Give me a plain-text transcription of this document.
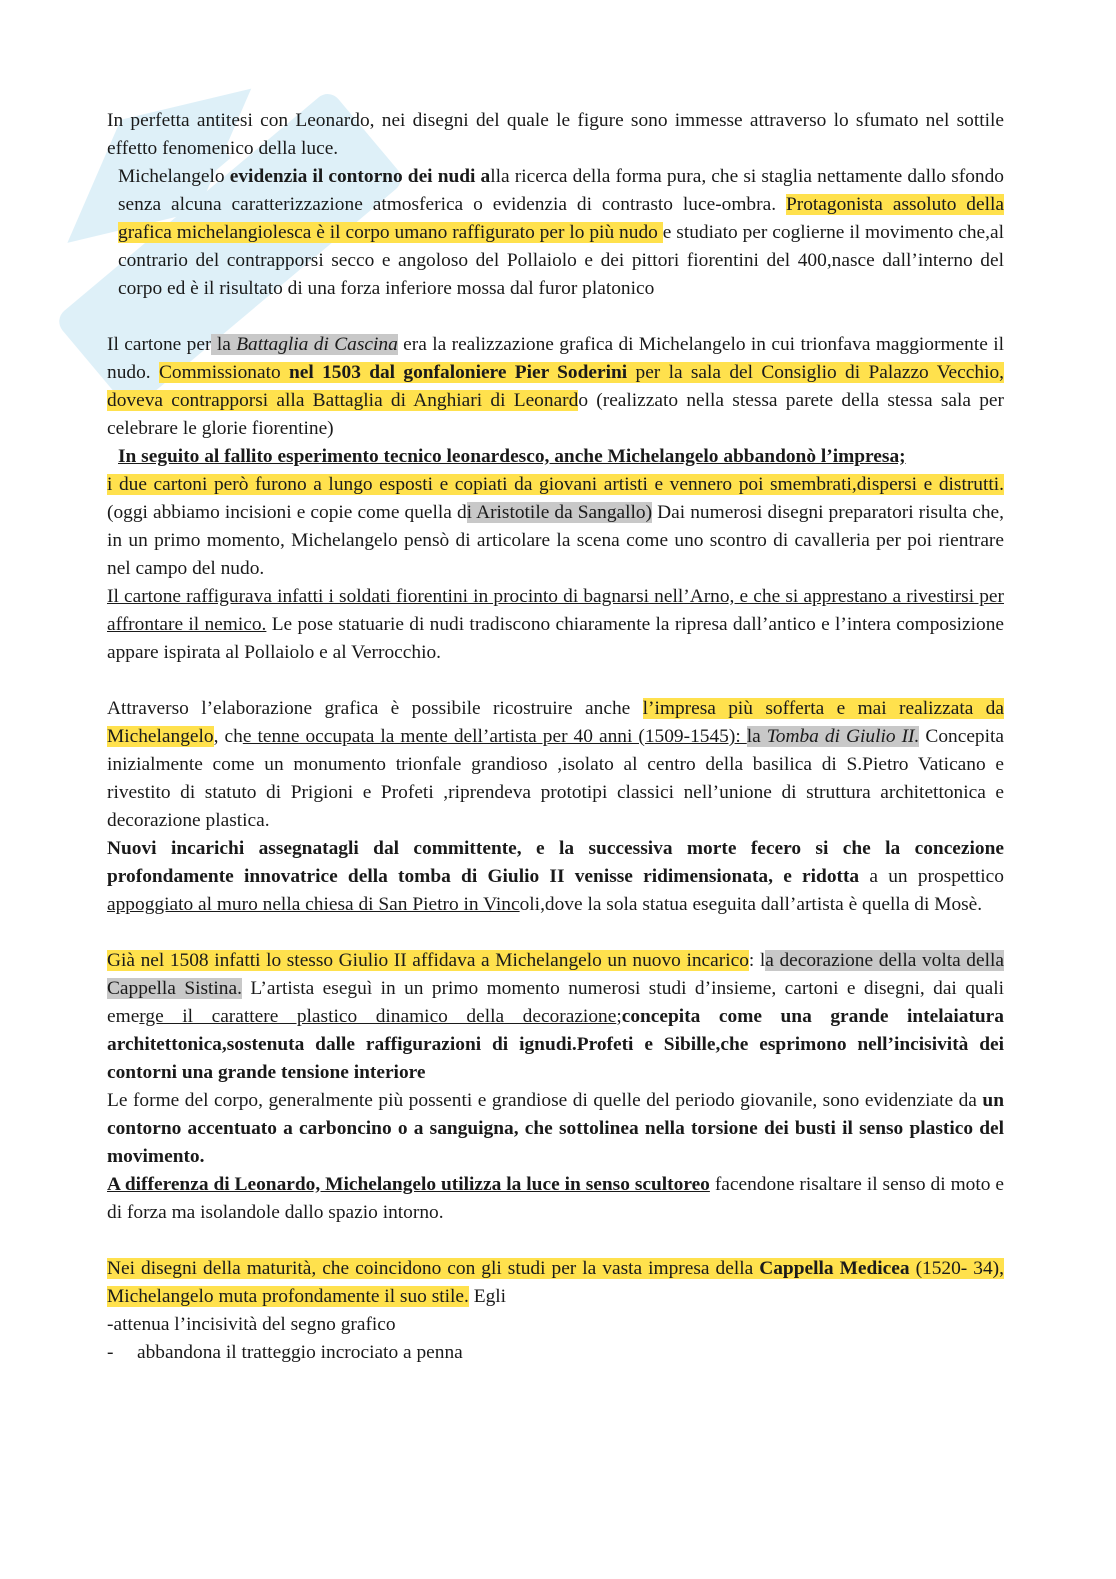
In perfetta antitesi con Leonardo, nei disegni del quale le figure sono immesse attraverso lo sfumato nel sottile effetto fenomenico della luce.

Michelangelo evidenzia il contorno dei nudi alla ricerca della forma pura, che si staglia nettamente dallo sfondo senza alcuna caratterizzazione atmosferica o evidenzia di contrasto luce-ombra. Protagonista assoluto della grafica michelangiolesca è il corpo umano raffigurato per lo più nudo e studiato per coglierne il movimento che,al contrario del contrapporsi secco e angoloso del Pollaiolo e dei pittori fiorentini del 400,nasce dall’interno del corpo ed è il risultato di una forza inferiore mossa dal furor platonico

Il cartone per la Battaglia di Cascina era la realizzazione grafica di Michelangelo in cui trionfava maggiormente il nudo. Commissionato nel 1503 dal gonfaloniere Pier Soderini per la sala del Consiglio di Palazzo Vecchio, doveva contrapporsi alla Battaglia di Anghiari di Leonardo (realizzato nella stessa parete della stessa sala per celebrare le glorie fiorentine)

In seguito al fallito esperimento tecnico leonardesco, anche Michelangelo abbandonò l’impresa;

i due cartoni però furono a lungo esposti e copiati da giovani artisti e vennero poi smembrati,dispersi e distrutti. (oggi abbiamo incisioni e copie come quella di Aristotile da Sangallo) Dai numerosi disegni preparatori risulta che, in un primo momento, Michelangelo pensò di articolare la scena come uno scontro di cavalleria per poi rientrare nel campo del nudo.

Il cartone raffigurava infatti i soldati fiorentini in procinto di bagnarsi nell’Arno, e che si apprestano a rivestirsi per affrontare il nemico. Le pose statuarie di nudi tradiscono chiaramente la ripresa dall’antico e l’intera composizione appare ispirata al Pollaiolo e al Verrocchio.

Attraverso l’elaborazione grafica è possibile ricostruire anche l’impresa più sofferta e mai realizzata da Michelangelo, che tenne occupata la mente dell’artista per 40 anni (1509-1545): la Tomba di Giulio II. Concepita inizialmente come un monumento trionfale grandioso ,isolato al centro della basilica di S.Pietro Vaticano e rivestito di statuto di Prigioni e Profeti ,riprendeva prototipi classici nell’unione di struttura architettonica e decorazione plastica.

Nuovi incarichi assegnatagli dal committente, e la successiva morte fecero si che la concezione profondamente innovatrice della tomba di Giulio II venisse ridimensionata, e ridotta a un prospettico appoggiato al muro nella chiesa di San Pietro in Vincoli,dove la sola statua eseguita dall’artista è quella di Mosè.

Già nel 1508 infatti lo stesso Giulio II affidava a Michelangelo un nuovo incarico: la decorazione della volta della Cappella Sistina. L’artista eseguì in un primo momento numerosi studi d’insieme, cartoni e disegni, dai quali emerge il carattere plastico dinamico della decorazione;concepita come una grande intelaiatura architettonica,sostenuta dalle raffigurazioni di ignudi.Profeti e Sibille,che esprimono nell’incisività dei contorni una grande tensione interiore

Le forme del corpo, generalmente più possenti e grandiose di quelle del periodo giovanile, sono evidenziate da un contorno accentuato a carboncino o a sanguigna, che sottolinea nella torsione dei busti il senso plastico del movimento.

A differenza di Leonardo, Michelangelo utilizza la luce in senso scultoreo facendone risaltare il senso di moto e di forza ma isolandole dallo spazio intorno.

Nei disegni della maturità, che coincidono con gli studi per la vasta impresa della Cappella Medicea (1520- 34), Michelangelo muta profondamente il suo stile. Egli

-attenua l’incisività del segno grafico

- abbandona il tratteggio incrociato a penna
